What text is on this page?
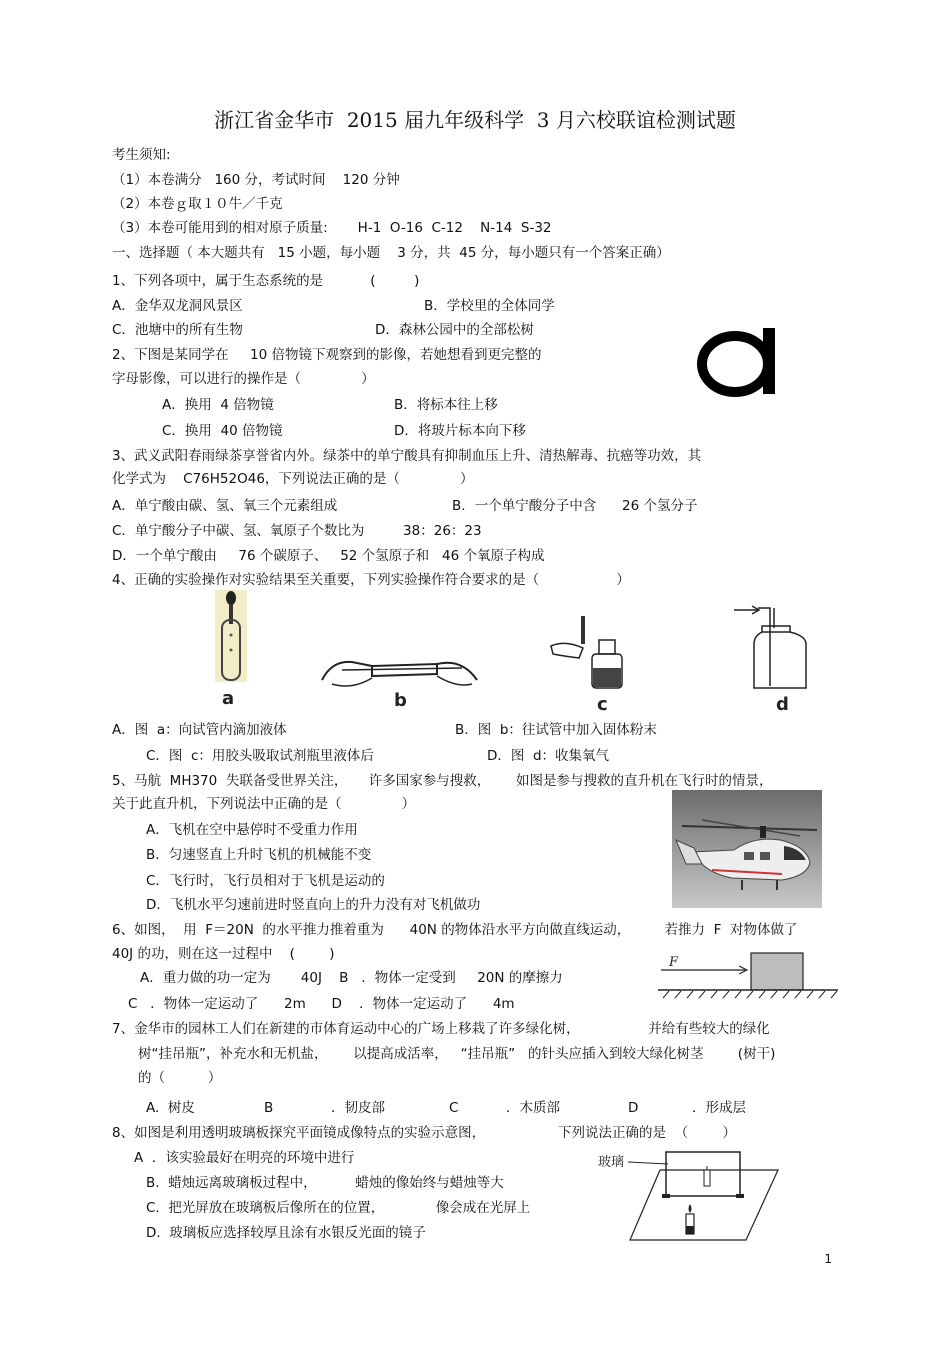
浙江省金华市  2015 届九年级科学  3 月六校联谊检测试题
考生须知:
（1）本卷满分   160 分，考试时间    120 分钟
（2）本卷ｇ取１０牛／千克
（3）本卷可能用到的相对原子质量:       H-1  O-16  C-12    N-14  S-32
一、选择题（ 本大题共有   15 小题，每小题    3 分，共  45 分，每小题只有一个答案正确）
1、下列各项中，属于生态系统的是           (         )
A．金华双龙洞风景区	B．学校里的全体同学
C．池塘中的所有生物	D．森林公园中的全部松树
2、下图是某同学在     10 倍物镜下观察到的影像，若她想看到更完整的
字母影像，可以进行的操作是（              ）
A．换用  4 倍物镜	B．将标本往上移
C．换用  40 倍物镜	D．将玻片标本向下移
3、武义武阳春雨绿茶享誉省内外。绿茶中的单宁酸具有抑制血压上升、清热解毒、抗癌等功效，其
化学式为    C76H52O46，下列说法正确的是（              ）
A．单宁酸由碳、氢、氧三个元素组成	B．一个单宁酸分子中含      26 个氢分子
C．单宁酸分子中碳、氢、氧原子个数比为         38：26：23
D．一个单宁酸由     76 个碳原子、   52 个氢原子和   46 个氧原子构成
4、正确的实验操作对实验结果至关重要，下列实验操作符合要求的是（                  ）
a	b	c	d
A．图  a：向试管内滴加液体	B．图  b：往试管中加入固体粉末
C．图  c：用胶头吸取试剂瓶里液体后	D．图  d：收集氧气
5、马航  MH370  失联备受世界关注，     许多国家参与搜救，      如图是参与搜救的直升机在飞行时的情景，
关于此直升机，下列说法中正确的是（              ）
A．飞机在空中悬停时不受重力作用
B．匀速竖直上升时飞机的机械能不变
C．飞行时，飞行员相对于飞机是运动的
D．飞机水平匀速前进时竖直向上的升力没有对飞机做功
6、如图，  用  F＝20N  的水平推力推着重为      40N 的物体沿水平方向做直线运动，        若推力  F  对物体做了
40J 的功，则在这一过程中    (        )
A．重力做的功一定为       40J    B   ．物体一定受到     20N 的摩擦力
C   ．物体一定运动了      2m      D    ．物体一定运动了      4m
F
7、金华市的园林工人们在新建的市体育运动中心的广场上移栽了许多绿化树，                并给有些较大的绿化
树“挂吊瓶”，补充水和无机盐，      以提高成活率，   “挂吊瓶”   的针头应插入到较大绿化树茎        (树干)
的（          ）
A.  树皮	B	．韧皮部	C	．木质部	D	．形成层
8、如图是利用透明玻璃板探究平面镜成像特点的实验示意图，                 下列说法正确的是  （        ）
A  ．该实验最好在明亮的环境中进行
B.  蜡烛远离玻璃板过程中，         蜡烛的像始终与蜡烛等大
C.  把光屏放在玻璃板后像所在的位置，            像会成在光屏上
D.  玻璃板应选择较厚且涂有水银反光面的镜子
玻璃
1
